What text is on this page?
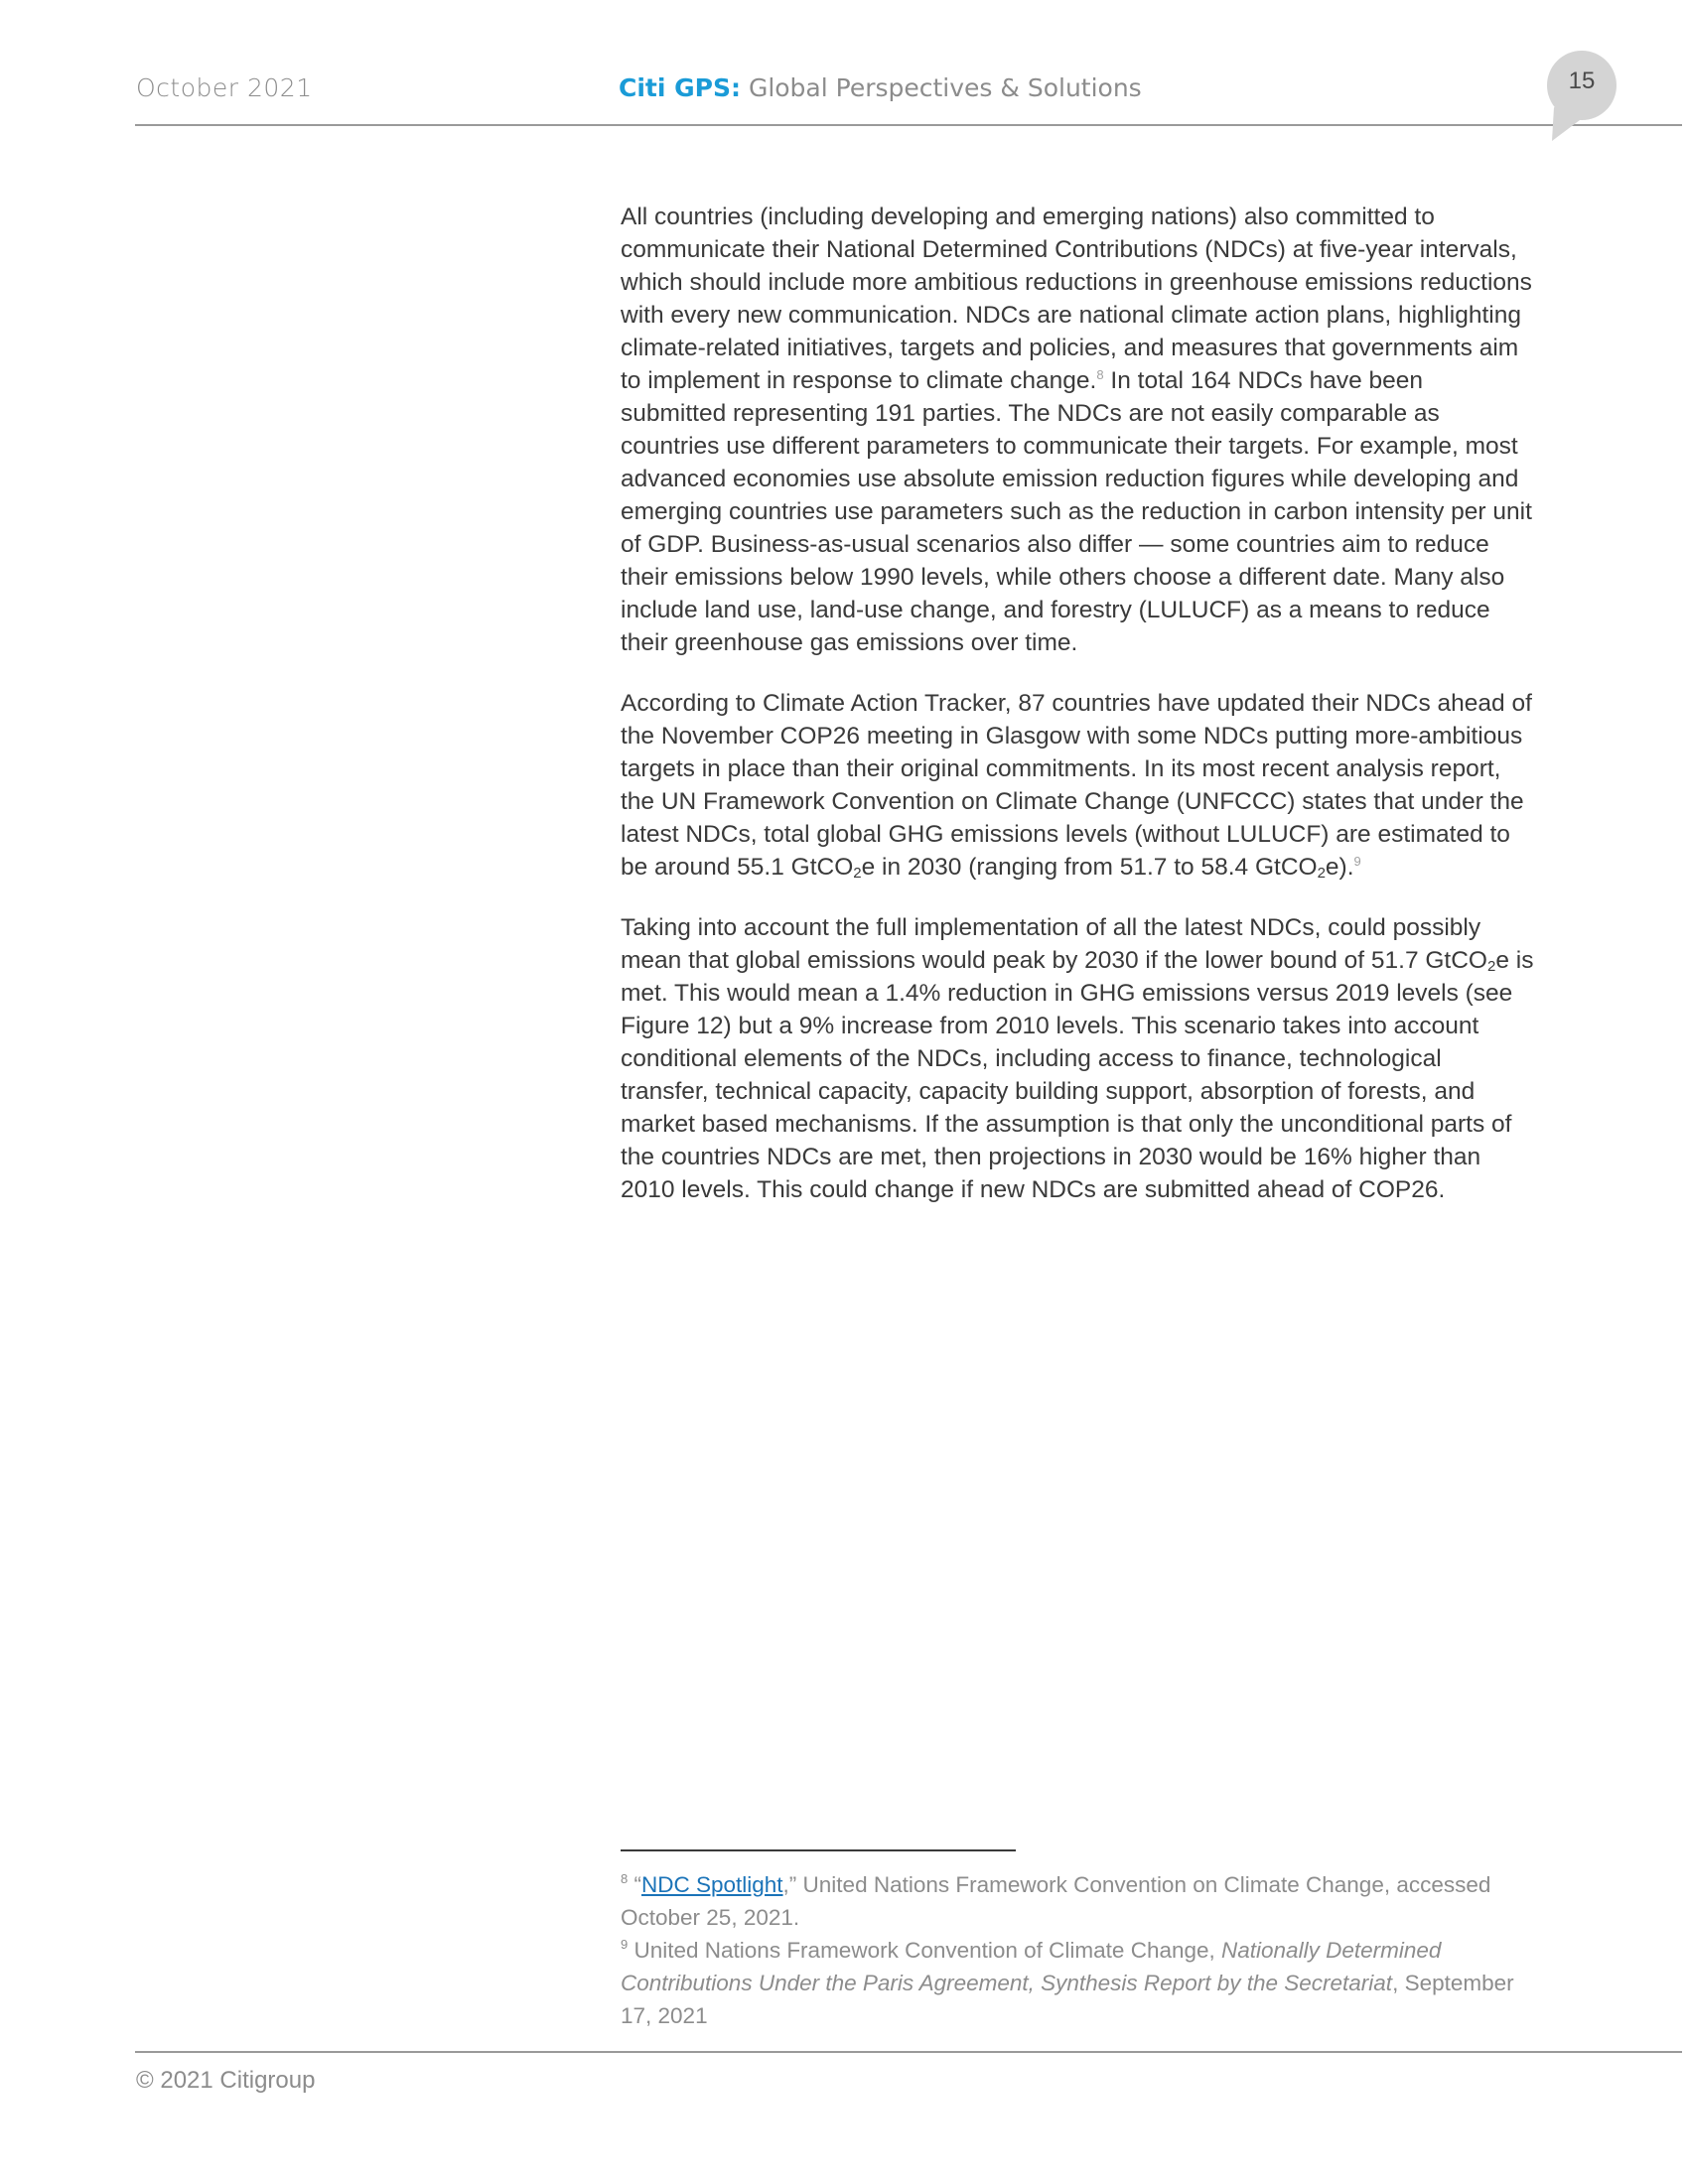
October 2021	Citi GPS: Global Perspectives & Solutions	15

All countries (including developing and emerging nations) also committed to communicate their National Determined Contributions (NDCs) at five-year intervals, which should include more ambitious reductions in greenhouse emissions reductions with every new communication. NDCs are national climate action plans, highlighting climate-related initiatives, targets and policies, and measures that governments aim to implement in response to climate change.$^8$ In total 164 NDCs have been submitted representing 191 parties. The NDCs are not easily comparable as countries use different parameters to communicate their targets. For example, most advanced economies use absolute emission reduction figures while developing and emerging countries use parameters such as the reduction in carbon intensity per unit of GDP. Business-as-usual scenarios also differ — some countries aim to reduce their emissions below 1990 levels, while others choose a different date. Many also include land use, land-use change, and forestry (LULUCF) as a means to reduce their greenhouse gas emissions over time.

According to Climate Action Tracker, 87 countries have updated their NDCs ahead of the November COP26 meeting in Glasgow with some NDCs putting more-ambitious targets in place than their original commitments. In its most recent analysis report, the UN Framework Convention on Climate Change (UNFCCC) states that under the latest NDCs, total global GHG emissions levels (without LULUCF) are estimated to be around 55.1 GtCO$_2$e in 2030 (ranging from 51.7 to 58.4 GtCO$_2$e).$^9$

Taking into account the full implementation of all the latest NDCs, could possibly mean that global emissions would peak by 2030 if the lower bound of 51.7 GtCO$_2$e is met. This would mean a 1.4% reduction in GHG emissions versus 2019 levels (see Figure 12) but a 9% increase from 2010 levels. This scenario takes into account conditional elements of the NDCs, including access to finance, technological transfer, technical capacity, capacity building support, absorption of forests, and market based mechanisms. If the assumption is that only the unconditional parts of the countries NDCs are met, then projections in 2030 would be 16% higher than 2010 levels. This could change if new NDCs are submitted ahead of COP26.

$^8$ “NDC Spotlight,” United Nations Framework Convention on Climate Change, accessed October 25, 2021.

$^9$ United Nations Framework Convention of Climate Change, Nationally Determined Contributions Under the Paris Agreement, Synthesis Report by the Secretariat, September 17, 2021

© 2021 Citigroup
